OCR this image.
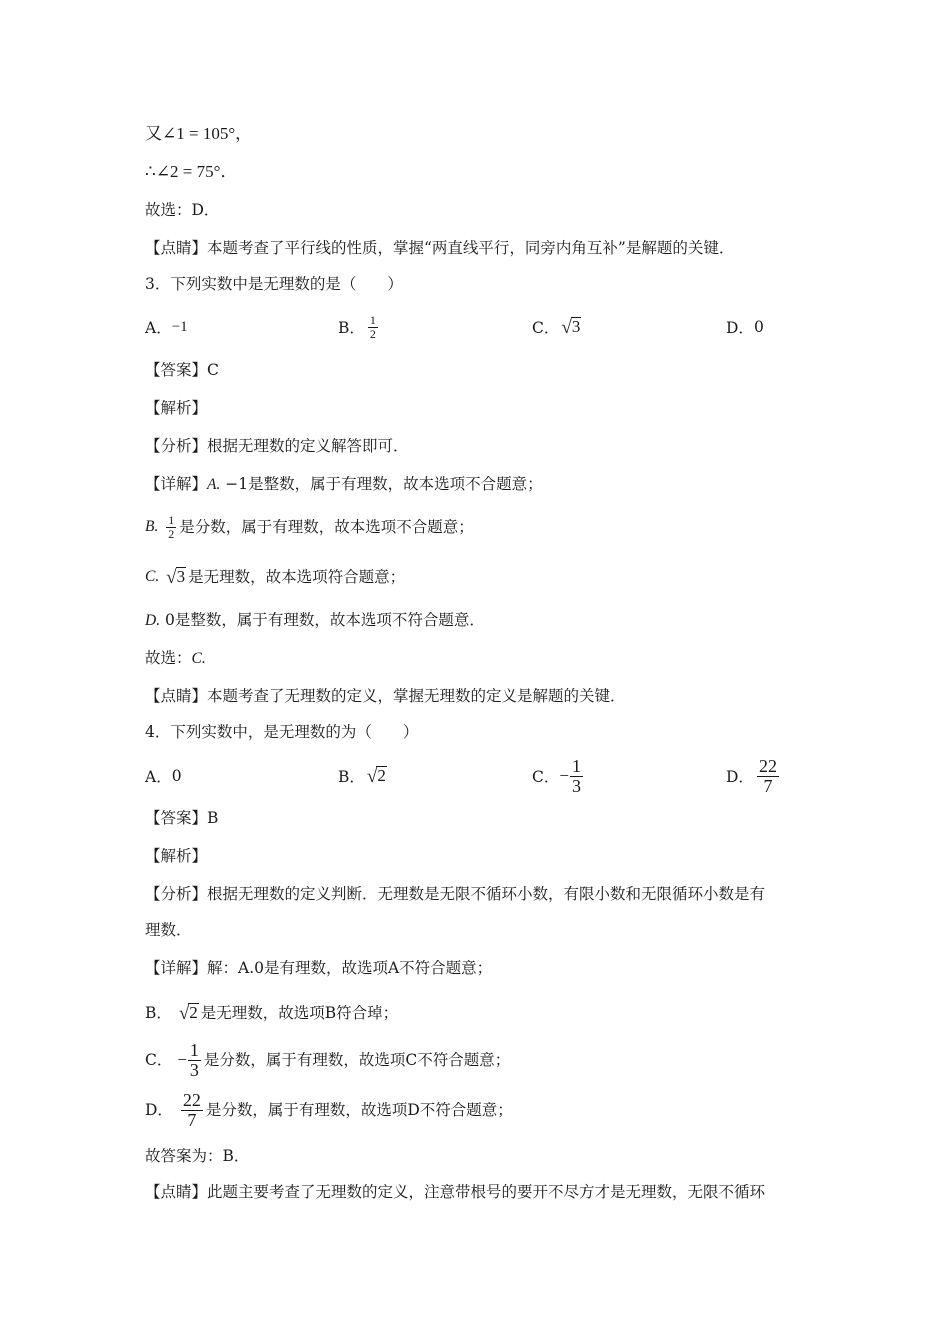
又∠1 = 105°，
∴∠2 = 75°．
故选：D．
【点睛】本题考查了平行线的性质，掌握“两直线平行，同旁内角互补”是解题的关键．
3．下列实数中是无理数的是（　　）
A． −1	B． $\frac{1}{2}$	C． √ 3	D． 0
【答案】C
【解析】
【分析】根据无理数的定义解答即可．
【详解】A. −1是整数，属于有理数，故本选项不合题意；
B.
$\frac{1}{2}$ 是分数，属于有理数，故本选项不合题意；
C.
√ 3 是无理数，故本选项符合题意；
D. 0是整数，属于有理数，故本选项不符合题意．
故选：C.
【点睛】本题考查了无理数的定义，掌握无理数的定义是解题的关键．
4．下列实数中，是无理数的为（　　）
A． 0	B． √ 2	C． − $\frac{1}{3}$	D． $\frac{22}{7}$
【答案】B
【解析】
【分析】根据无理数的定义判断．无理数是无限不循环小数，有限小数和无限循环小数是有
理数．
【详解】解：A.0是有理数，故选项A不符合题意；
B．
√ 2 是无理数，故选项B符合琸；
C．
− $\frac{1}{3}$ 是分数，属于有理数，故选项C不符合题意；
D．
$\frac{22}{7}$ 是分数，属于有理数，故选项D不符合题意；
故答案为：B．
【点睛】此题主要考查了无理数的定义，注意带根号的要开不尽方才是无理数，无限不循环
